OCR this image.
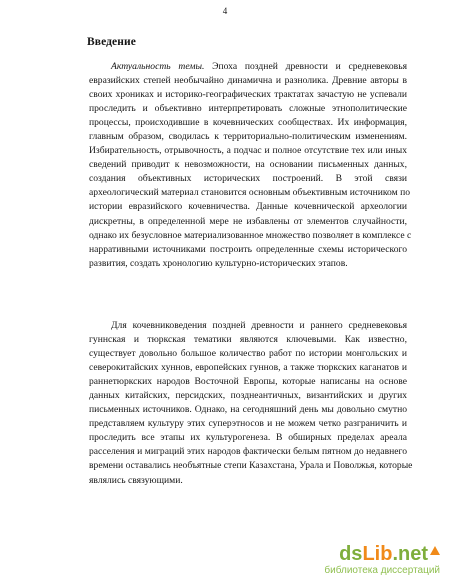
4
Введение
Актуальность темы. Эпоха поздней древности и средневековья
евразийских степей необычайно динамична и разнолика. Древние авторы в
своих хрониках и историко-географических трактатах зачастую не успевали
проследить и объективно интерпретировать сложные этнополитические
процессы, происходившие в кочевнических сообществах. Их информация,
главным образом, сводилась к территориально-политическим изменениям.
Избирательность, отрывочность, а подчас и полное отсутствие тех или иных
сведений приводит к невозможности, на основании письменных данных,
создания объективных исторических построений. В этой связи
археологический материал становится основным объективным источником по
истории евразийского кочевничества. Данные кочевнической археологии
дискретны, в определенной мере не избавлены от элементов случайности,
однако их безусловное материализованное множество позволяет в комплексе с
нарративными источниками построить определенные схемы исторического
развития, создать хронологию культурно-исторических этапов.
Для кочевниковедения поздней древности и раннего средневековья
гуннская и тюркская тематики являются ключевыми. Как известно,
существует довольно большое количество работ по истории монгольских и
северокитайских хуннов, европейских гуннов, а также тюркских каганатов и
раннетюркских народов Восточной Европы, которые написаны на основе
данных китайских, персидских, позднеантичных, византийских и других
письменных источников. Однако, на сегодняшний день мы довольно смутно
представляем культуру этих суперэтносов и не можем четко разграничить и
проследить все этапы их культурогенеза. В обширных пределах ареала
расселения и миграций этих народов фактически белым пятном до недавнего
времени оставались необъятные степи Казахстана, Урала и Поволжья, которые
являлись связующими.
dsLib.net
библиотека диссертаций
